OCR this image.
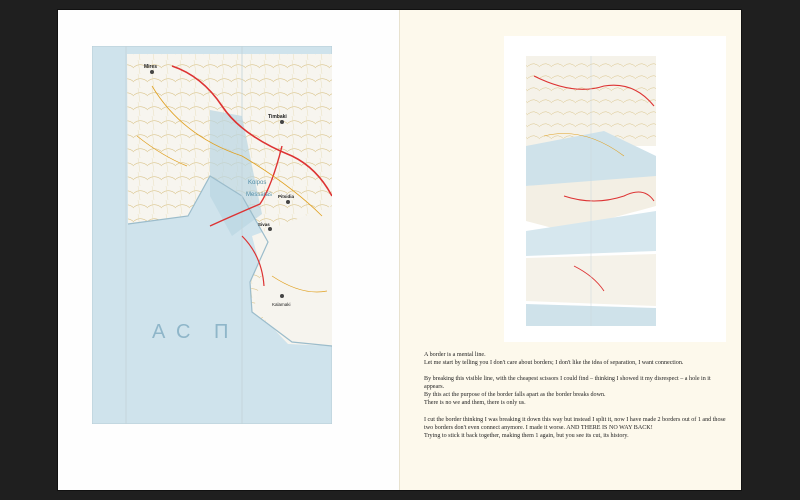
Mires
Timbaki
Pitsidia
Sivas
Kalamaki
Kolpos
Messaras
A C Π

A border is a mental line.

Let me start by telling you I don't care about borders; I don't like the idea of separation, I want connection.

By breaking this visible line, with the cheapest scissors I could find – thinking I showed it my disrespect – a hole in it appears.

By this act the purpose of the border falls apart as the border breaks down.

There is no we and them, there is only us.

I cut the border thinking I was breaking it down this way but instead I split it, now I have made 2 borders out of 1 and those two borders don't even connect anymore. I made it worse. AND THERE IS NO WAY BACK!

Trying to stick it back together, making them 1 again, but you see its cut, its history.
